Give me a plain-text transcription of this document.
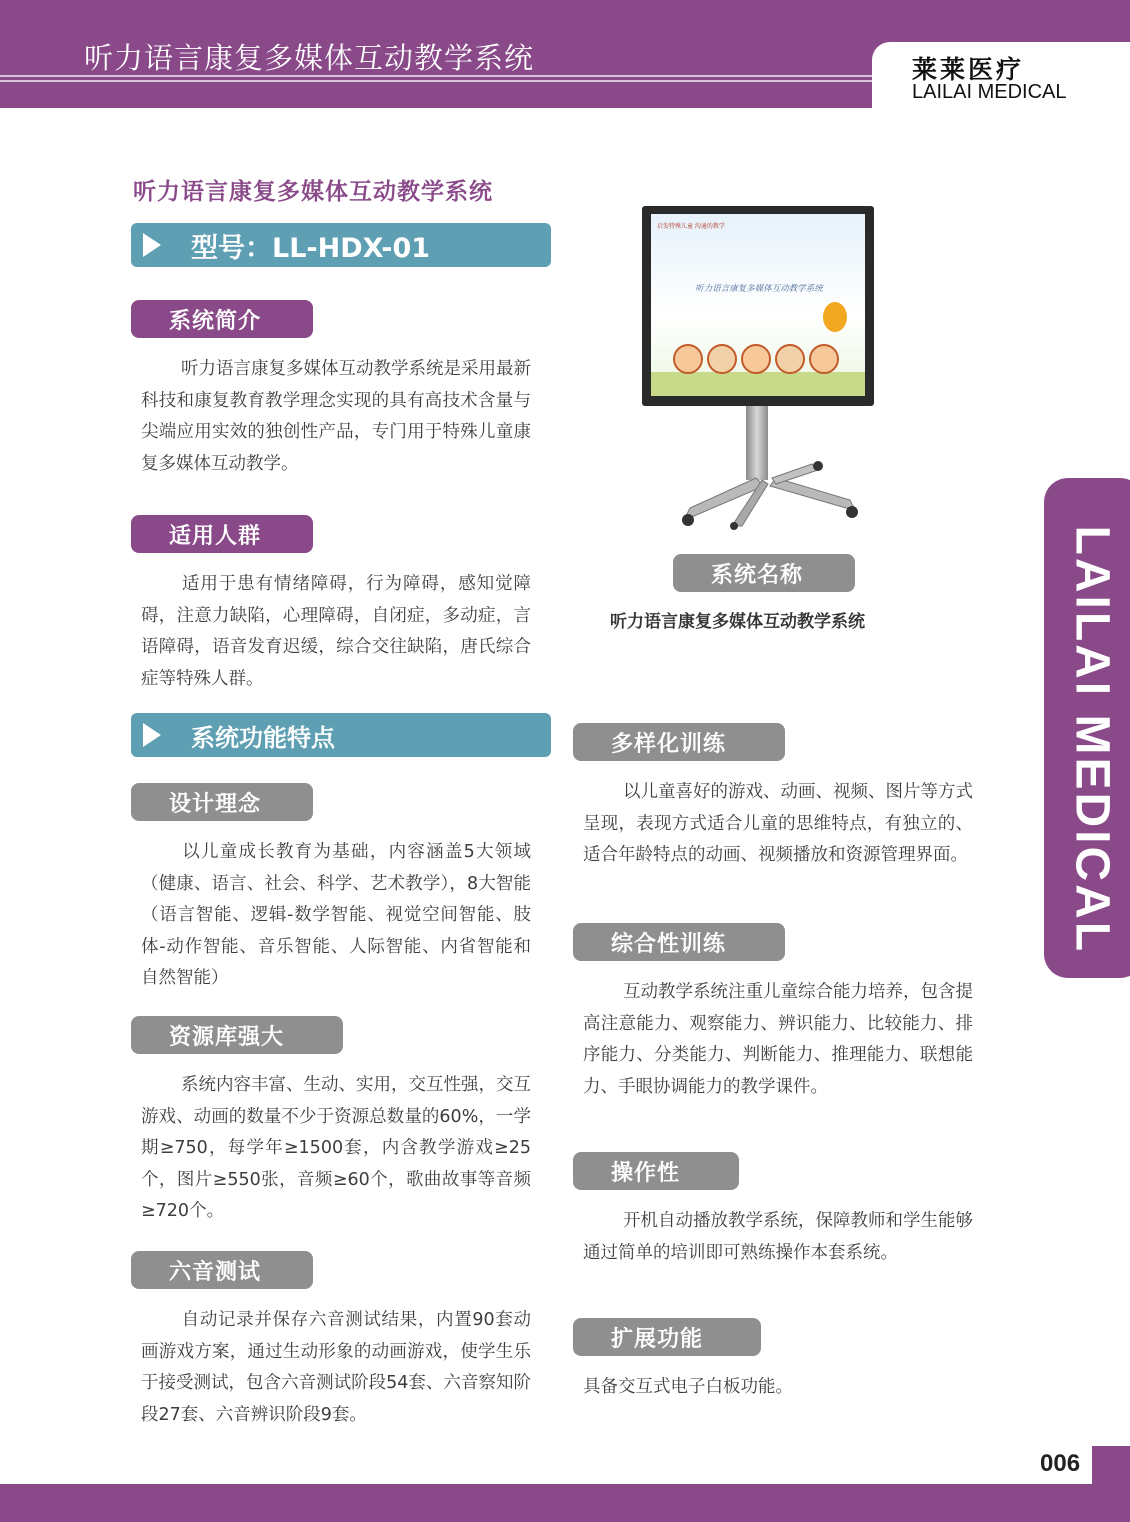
听力语言康复多媒体互动教学系统	莱莱医疗
LAILAI MEDICAL
听力语言康复多媒体互动教学系统
型号：LL-HDX-01
系统简介
听力语言康复多媒体互动教学系统是采用最新科技和康复教育教学理念实现的具有高技术含量与尖端应用实效的独创性产品，专门用于特殊儿童康复多媒体互动教学。
适用人群
适用于患有情绪障碍，行为障碍，感知觉障碍，注意力缺陷，心理障碍，自闭症，多动症，言语障碍，语音发育迟缓，综合交往缺陷，唐氏综合症等特殊人群。
系统功能特点
设计理念
以儿童成长教育为基础，内容涵盖5大领域（健康、语言、社会、科学、艺术教学），8大智能（语言智能、逻辑-数学智能、视觉空间智能、肢体-动作智能、音乐智能、人际智能、内省智能和自然智能）
资源库强大
系统内容丰富、生动、实用，交互性强，交互游戏、动画的数量不少于资源总数量的60%，一学期≥750，每学年≥1500套，内含教学游戏≥25个，图片≥550张，音频≥60个，歌曲故事等音频≥720个。
六音测试
自动记录并保存六音测试结果，内置90套动画游戏方案，通过生动形象的动画游戏，使学生乐于接受测试，包含六音测试阶段54套、六音察知阶段27套、六音辨识阶段9套。
启发特殊儿童 沟通的教学
听力语言康复多媒体互动教学系统
系统名称
听力语言康复多媒体互动教学系统
多样化训练
以儿童喜好的游戏、动画、视频、图片等方式呈现，表现方式适合儿童的思维特点，有独立的、适合年龄特点的动画、视频播放和资源管理界面。
综合性训练
互动教学系统注重儿童综合能力培养，包含提高注意能力、观察能力、辨识能力、比较能力、排序能力、分类能力、判断能力、推理能力、联想能力、手眼协调能力的教学课件。
操作性
开机自动播放教学系统，保障教师和学生能够通过简单的培训即可熟练操作本套系统。
扩展功能
具备交互式电子白板功能。
LAILAI MEDICAL
006
